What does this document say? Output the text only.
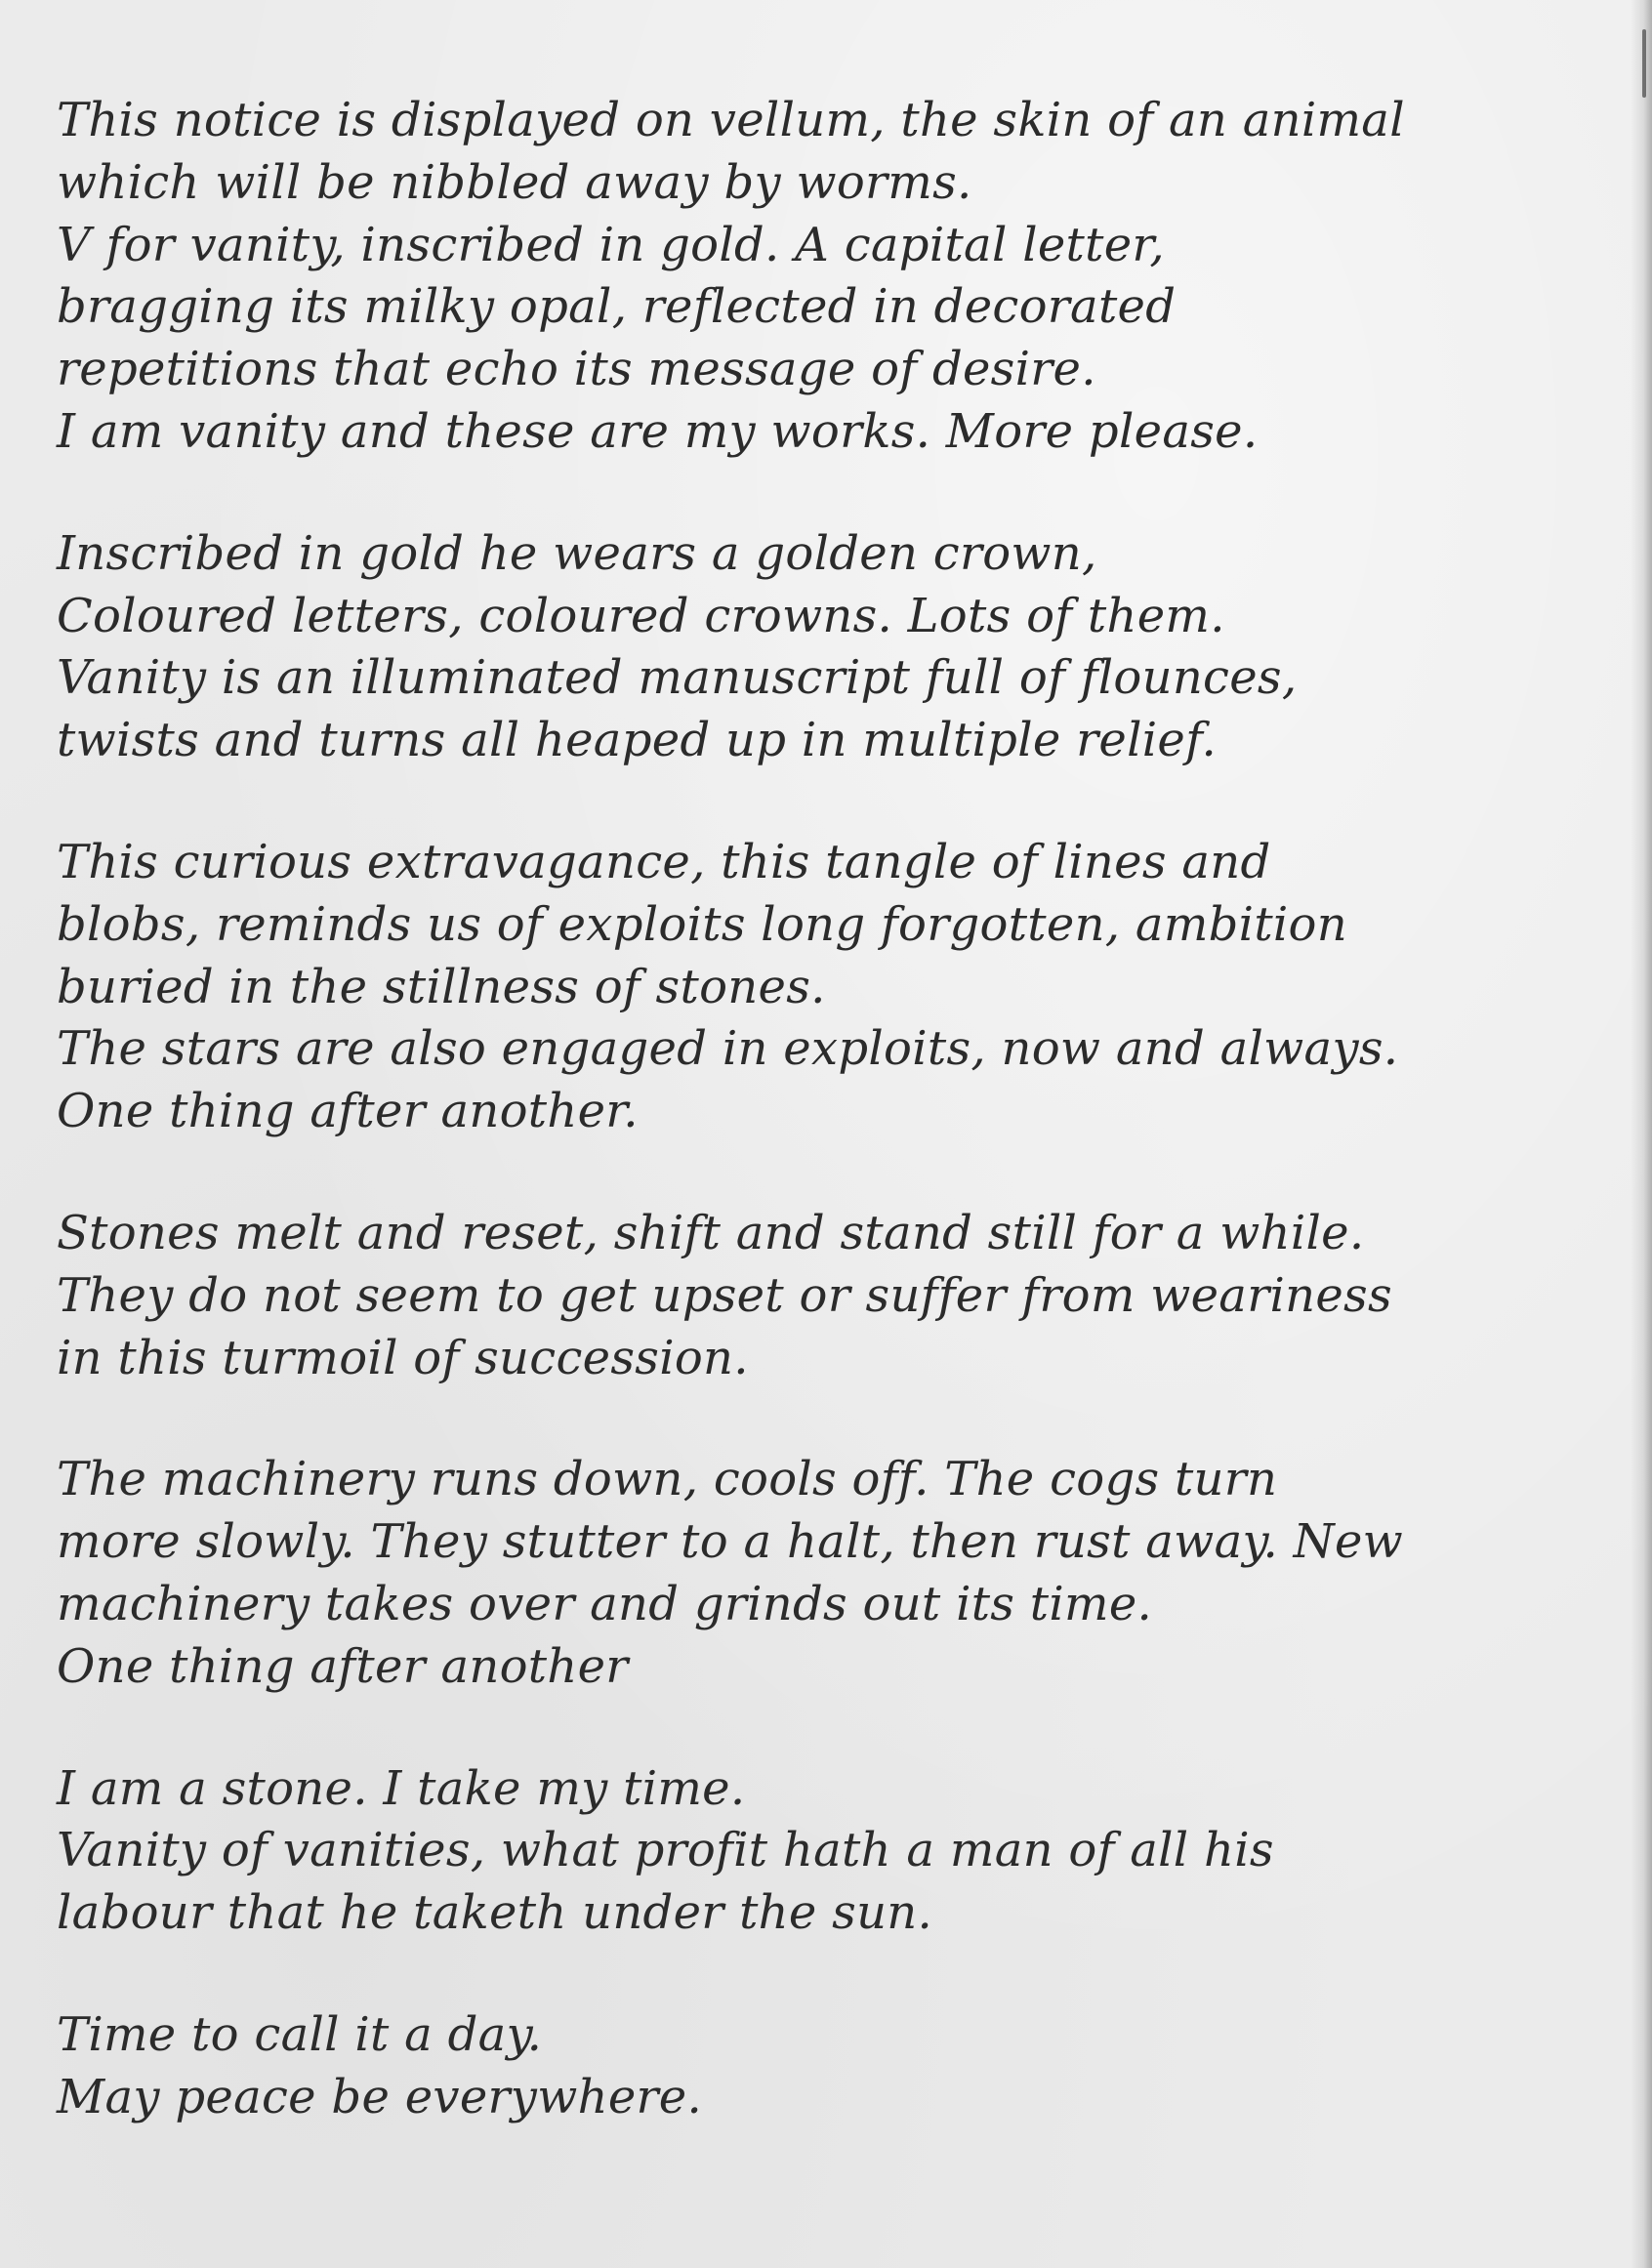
This notice is displayed on vellum, the skin of an animal
which will be nibbled away by worms.
V for vanity, inscribed in gold. A capital letter,
bragging its milky opal, reflected in decorated
repetitions that echo its message of desire.
I am vanity and these are my works. More please.
Inscribed in gold he wears a golden crown,
Coloured letters, coloured crowns. Lots of them.
Vanity is an illuminated manuscript full of flounces,
twists and turns all heaped up in multiple relief.
This curious extravagance, this tangle of lines and
blobs, reminds us of exploits long forgotten, ambition
buried in the stillness of stones.
The stars are also engaged in exploits, now and always.
One thing after another.
Stones melt and reset, shift and stand still for a while.
They do not seem to get upset or suffer from weariness
in this turmoil of succession.
The machinery runs down, cools off. The cogs turn
more slowly. They stutter to a halt, then rust away. New
machinery takes over and grinds out its time.
One thing after another
I am a stone. I take my time.
Vanity of vanities, what profit hath a man of all his
labour that he taketh under the sun.
Time to call it a day.
May peace be everywhere.
